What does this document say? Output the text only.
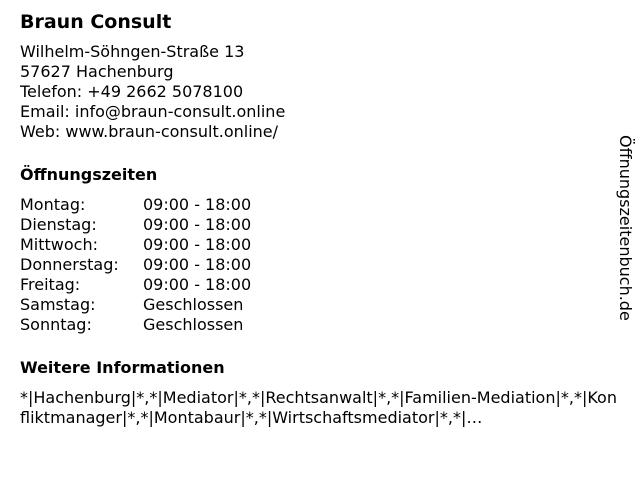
Braun Consult
Wilhelm-Söhngen-Straße 13
57627 Hachenburg
Telefon: +49 2662 5078100
Email: info@braun-consult.online
Web: www.braun-consult.online/
Öffnungszeiten
Montag:	09:00 - 18:00
Dienstag:	09:00 - 18:00
Mittwoch:	09:00 - 18:00
Donnerstag:	09:00 - 18:00
Freitag:	09:00 - 18:00
Samstag:	Geschlossen
Sonntag:	Geschlossen
Weitere Informationen
*|Hachenburg|*,*|Mediator|*,*|Rechtsanwalt|*,*|Familien-Mediation|*,*|Konfliktmanager|*,*|Montabaur|*,*|Wirtschaftsmediator|*,*|…
Öffnungszeitenbuch.de
